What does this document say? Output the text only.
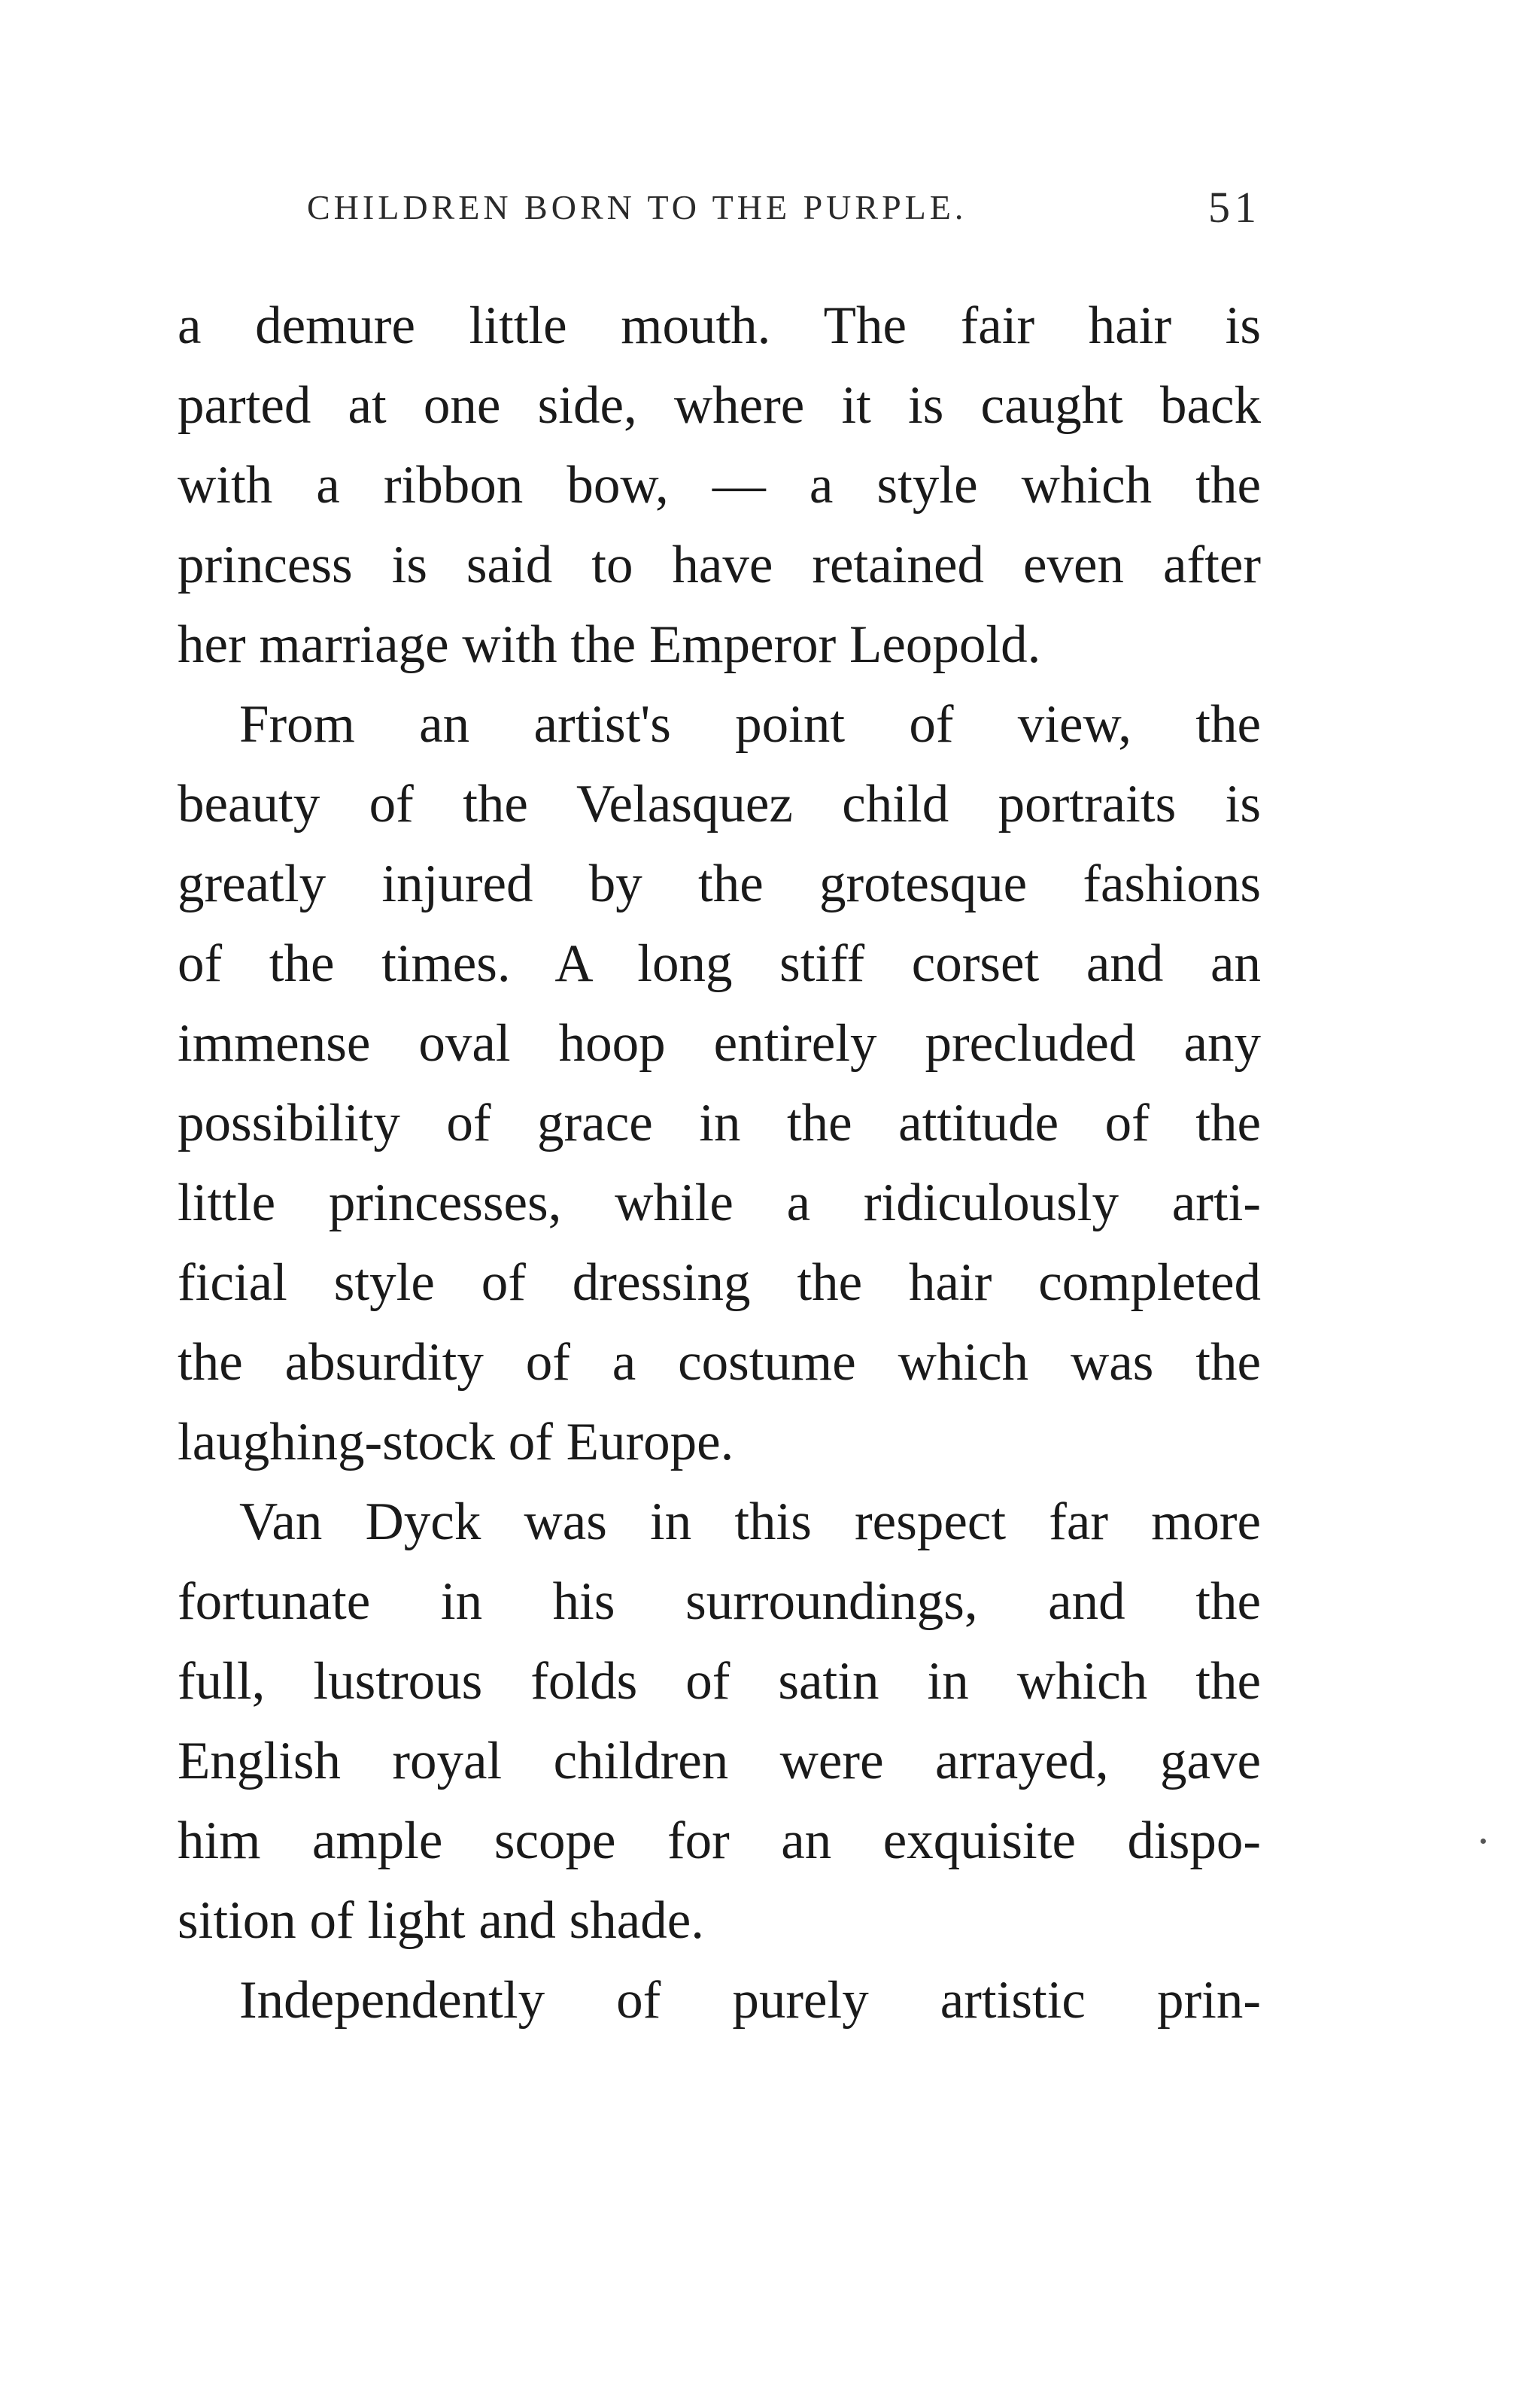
CHILDREN BORN TO THE PURPLE.	51
a demure little mouth. The fair hair is
parted at one side, where it is caught back
with a ribbon bow, — a style which the
princess is said to have retained even after
her marriage with the Emperor Leopold.
From an artist's point of view, the
beauty of the Velasquez child portraits is
greatly injured by the grotesque fashions
of the times. A long stiff corset and an
immense oval hoop entirely precluded any
possibility of grace in the attitude of the
little princesses, while a ridiculously arti-
ficial style of dressing the hair completed
the absurdity of a costume which was the
laughing-stock of Europe.
Van Dyck was in this respect far more
fortunate in his surroundings, and the
full, lustrous folds of satin in which the
English royal children were arrayed, gave
him ample scope for an exquisite dispo-
sition of light and shade.
Independently of purely artistic prin-
